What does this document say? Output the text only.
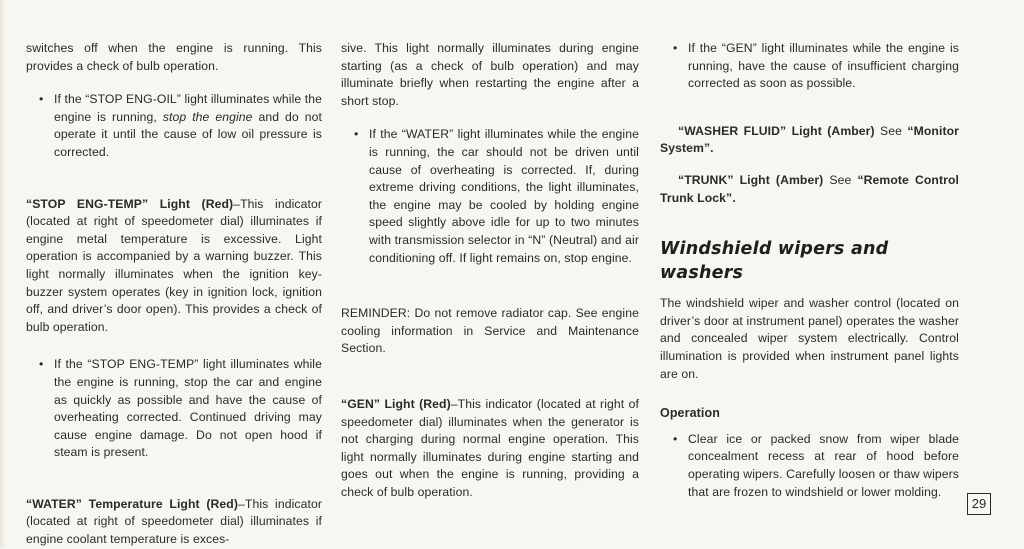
switches off when the engine is running. This provides a check of bulb operation.

• If the “STOP ENG-OIL” light illuminates while the engine is running, stop the engine and do not operate it until the cause of low oil pressure is corrected.

“STOP ENG-TEMP” Light (Red)–This indicator (located at right of speedometer dial) illuminates if engine metal temperature is excessive. Light operation is accompanied by a warning buzzer. This light normally illuminates when the ignition key-buzzer system operates (key in ignition lock, ignition off, and driver’s door open). This provides a check of bulb operation.

• If the “STOP ENG-TEMP” light illuminates while the engine is running, stop the car and engine as quickly as possible and have the cause of overheating corrected. Continued driving may cause engine damage. Do not open hood if steam is present.

“WATER” Temperature Light (Red)–This indicator (located at right of speedometer dial) illuminates if engine coolant temperature is exces-

sive. This light normally illuminates during engine starting (as a check of bulb operation) and may illuminate briefly when restarting the engine after a short stop.

• If the “WATER” light illuminates while the engine is running, the car should not be driven until cause of overheating is corrected. If, during extreme driving conditions, the light illuminates, the engine may be cooled by holding engine speed slightly above idle for up to two minutes with transmission selector in “N” (Neutral) and air conditioning off. If light remains on, stop engine.

REMINDER: Do not remove radiator cap. See engine cooling information in Service and Maintenance Section.

“GEN” Light (Red)–This indicator (located at right of speedometer dial) illuminates when the generator is not charging during normal engine operation. This light normally illuminates during engine starting and goes out when the engine is running, providing a check of bulb operation.

• If the “GEN” light illuminates while the engine is running, have the cause of insufficient charging corrected as soon as possible.

“WASHER FLUID” Light (Amber) See “Monitor System”.

“TRUNK” Light (Amber) See “Remote Control Trunk Lock”.

Windshield wipers and washers

The windshield wiper and washer control (located on driver’s door at instrument panel) operates the washer and concealed wiper system electrically. Control illumination is provided when instrument panel lights are on.

Operation

• Clear ice or packed snow from wiper blade concealment recess at rear of hood before operating wipers. Carefully loosen or thaw wipers that are frozen to windshield or lower molding.

29
